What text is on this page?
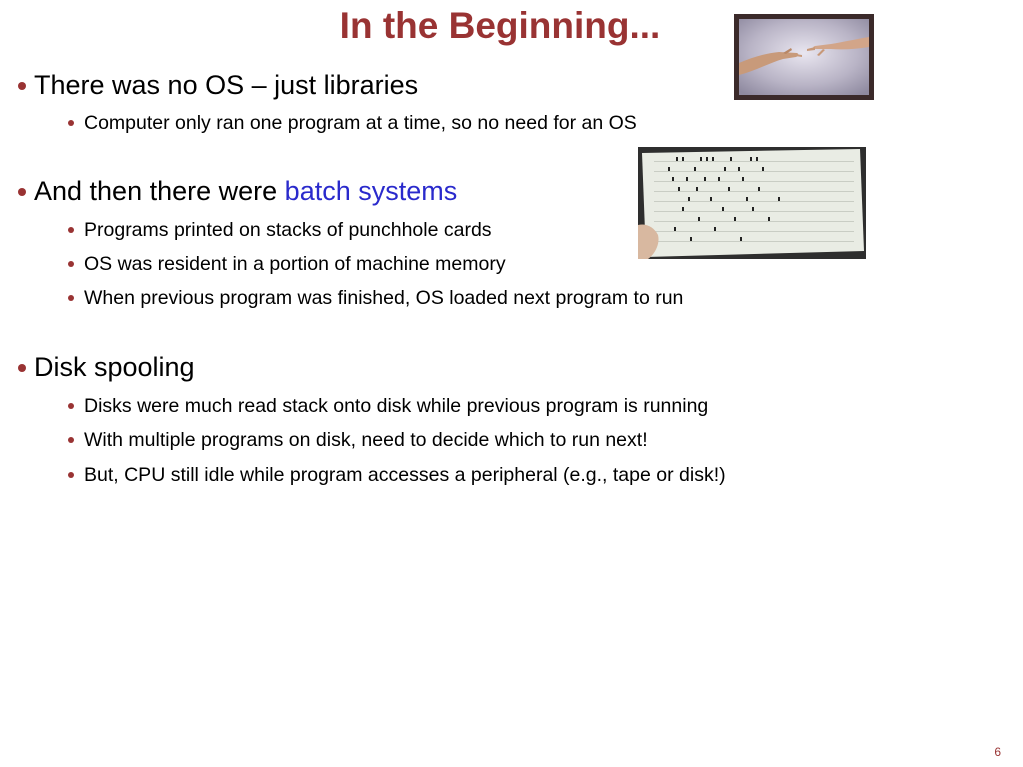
In the Beginning...
There was no OS – just libraries
Computer only ran one program at a time, so no need for an OS
And then there were batch systems
Programs printed on stacks of punchhole cards
OS was resident in a portion of machine memory
When previous program was finished, OS loaded next program to run
Disk spooling
Disks were much read stack onto disk while previous program is running
With multiple programs on disk, need to decide which to run next!
But, CPU still idle while program accesses a peripheral (e.g., tape or disk!)
6
